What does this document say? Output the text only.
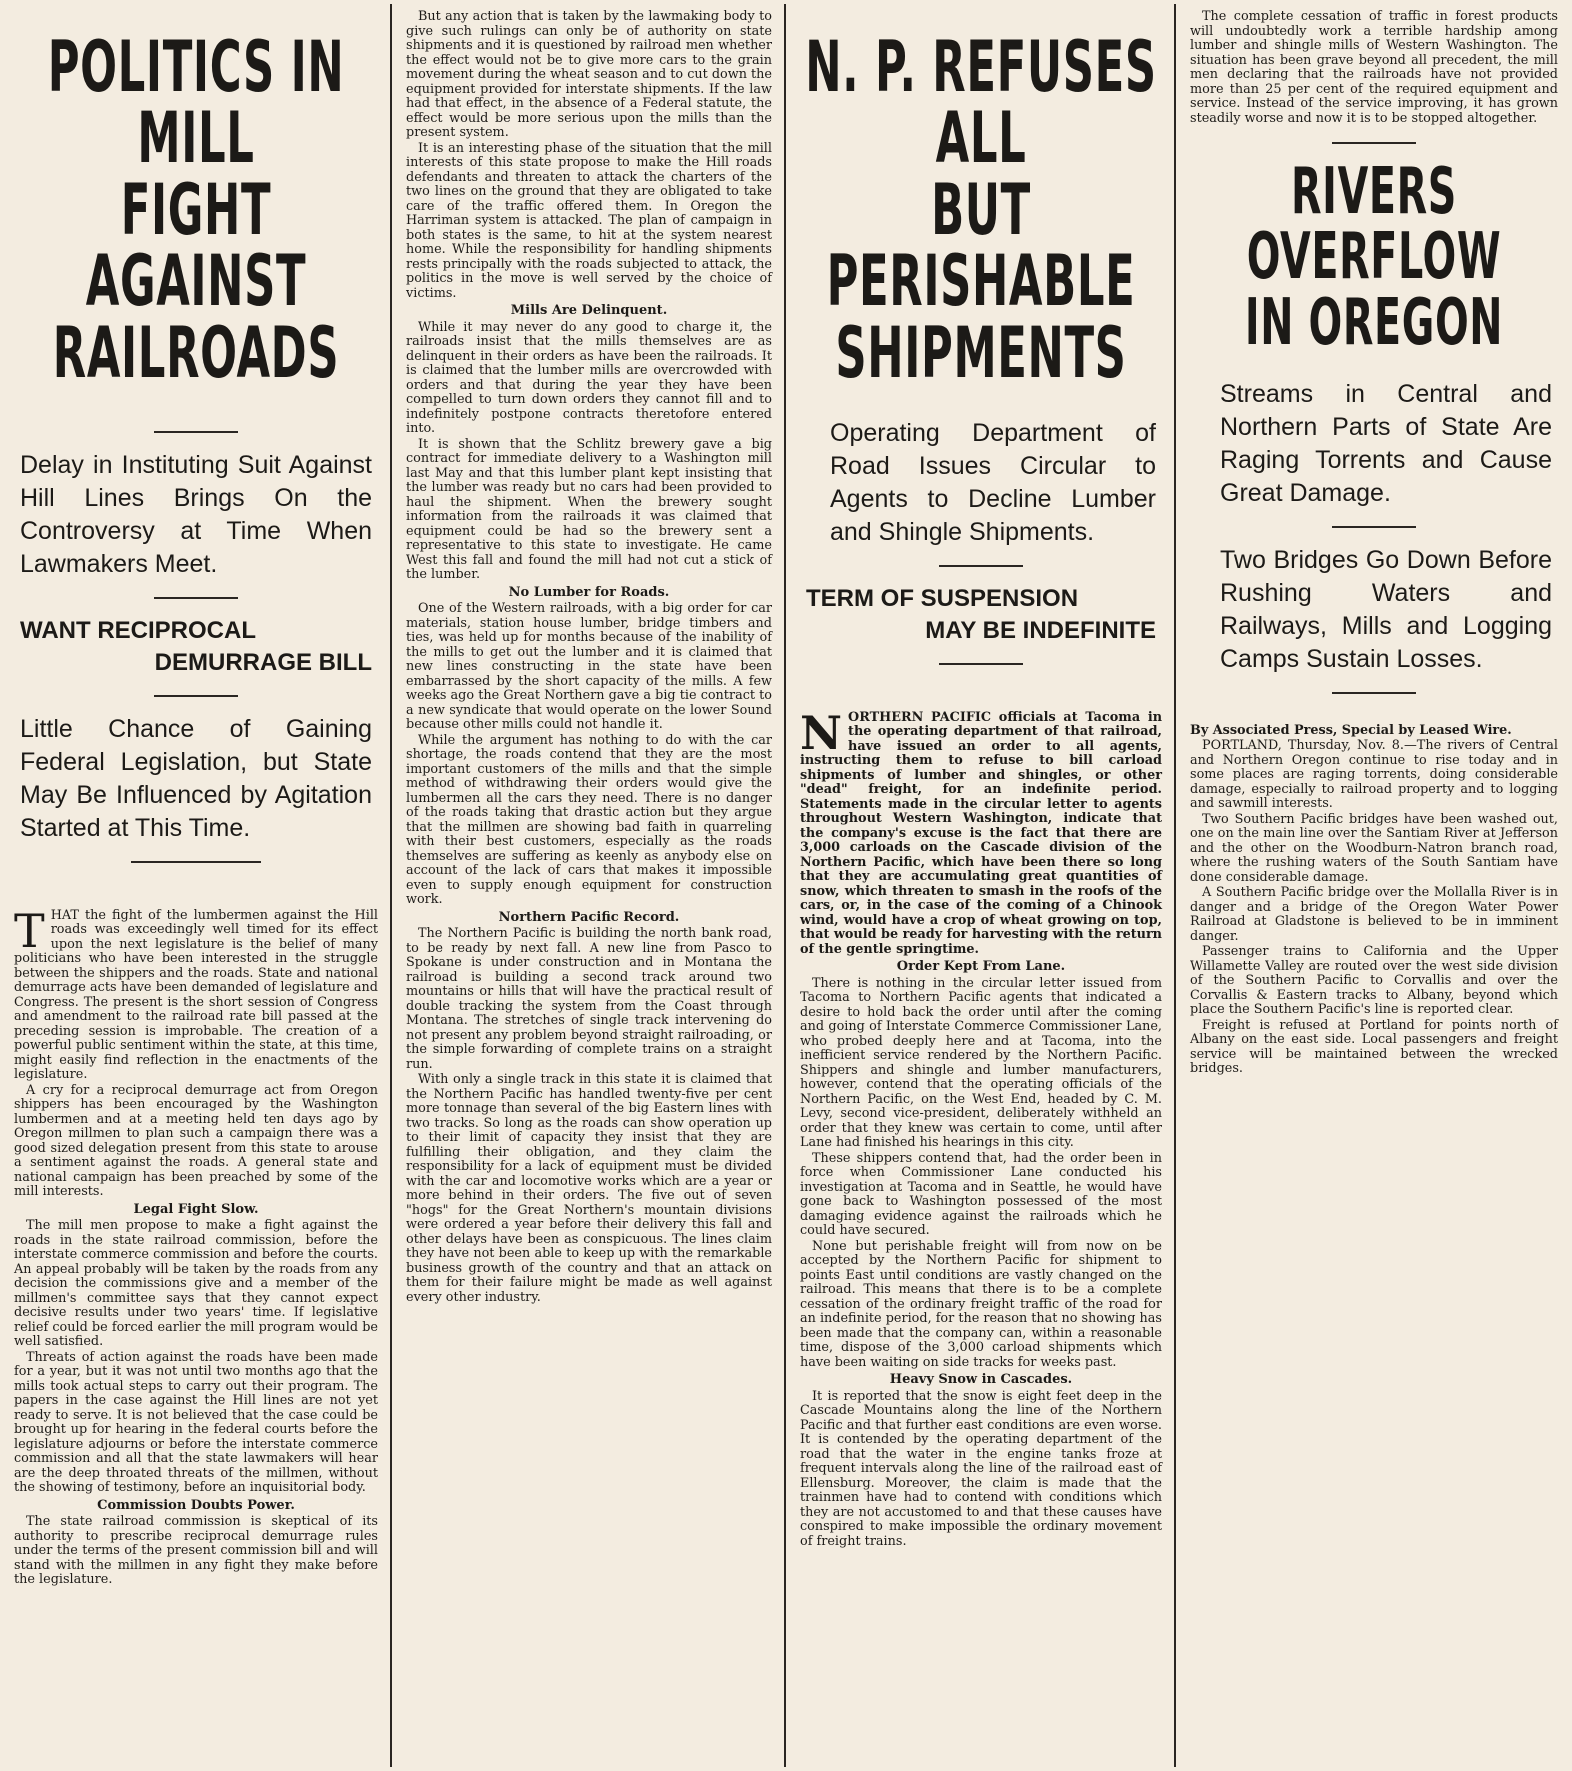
POLITICS IN MILL
FIGHT AGAINST
RAILROADS
Delay in Instituting Suit Against Hill Lines Brings On the Controversy at Time When Lawmakers Meet.
WANT RECIPROCAL
DEMURRAGE BILL
Little Chance of Gaining Federal Legislation, but State May Be Influenced by Agitation Started at This Time.

THAT the fight of the lumbermen against the Hill roads was exceedingly well timed for its effect upon the next legislature is the belief of many politicians who have been interested in the struggle between the shippers and the roads. State and national demurrage acts have been demanded of legislature and Congress. The present is the short session of Congress and amendment to the railroad rate bill passed at the preceding session is improbable. The creation of a powerful public sentiment within the state, at this time, might easily find reflection in the enactments of the legislature.

A cry for a reciprocal demurrage act from Oregon shippers has been encouraged by the Washington lumbermen and at a meeting held ten days ago by Oregon millmen to plan such a campaign there was a good sized delegation present from this state to arouse a sentiment against the roads. A general state and national campaign has been preached by some of the mill interests.

Legal Fight Slow.

The mill men propose to make a fight against the roads in the state railroad commission, before the interstate commerce commission and before the courts. An appeal probably will be taken by the roads from any decision the commissions give and a member of the millmen's committee says that they cannot expect decisive results under two years' time. If legislative relief could be forced earlier the mill program would be well satisfied.

Threats of action against the roads have been made for a year, but it was not until two months ago that the mills took actual steps to carry out their program. The papers in the case against the Hill lines are not yet ready to serve. It is not believed that the case could be brought up for hearing in the federal courts before the legislature adjourns or before the interstate commerce commission and all that the state lawmakers will hear are the deep throated threats of the millmen, without the showing of testimony, before an inquisitorial body.

Commission Doubts Power.

The state railroad commission is skeptical of its authority to prescribe reciprocal demurrage rules under the terms of the present commission bill and will stand with the millmen in any fight they make before the legislature.

But any action that is taken by the lawmaking body to give such rulings can only be of authority on state shipments and it is questioned by railroad men whether the effect would not be to give more cars to the grain movement during the wheat season and to cut down the equipment provided for interstate shipments. If the law had that effect, in the absence of a Federal statute, the effect would be more serious upon the mills than the present system.

It is an interesting phase of the situation that the mill interests of this state propose to make the Hill roads defendants and threaten to attack the charters of the two lines on the ground that they are obligated to take care of the traffic offered them. In Oregon the Harriman system is attacked. The plan of campaign in both states is the same, to hit at the system nearest home. While the responsibility for handling shipments rests principally with the roads subjected to attack, the politics in the move is well served by the choice of victims.

Mills Are Delinquent.

While it may never do any good to charge it, the railroads insist that the mills themselves are as delinquent in their orders as have been the railroads. It is claimed that the lumber mills are overcrowded with orders and that during the year they have been compelled to turn down orders they cannot fill and to indefinitely postpone contracts theretofore entered into.

It is shown that the Schlitz brewery gave a big contract for immediate delivery to a Washington mill last May and that this lumber plant kept insisting that the lumber was ready but no cars had been provided to haul the shipment. When the brewery sought information from the railroads it was claimed that equipment could be had so the brewery sent a representative to this state to investigate. He came West this fall and found the mill had not cut a stick of the lumber.

No Lumber for Roads.

One of the Western railroads, with a big order for car materials, station house lumber, bridge timbers and ties, was held up for months because of the inability of the mills to get out the lumber and it is claimed that new lines constructing in the state have been embarrassed by the short capacity of the mills. A few weeks ago the Great Northern gave a big tie contract to a new syndicate that would operate on the lower Sound because other mills could not handle it.

While the argument has nothing to do with the car shortage, the roads contend that they are the most important customers of the mills and that the simple method of withdrawing their orders would give the lumbermen all the cars they need. There is no danger of the roads taking that drastic action but they argue that the millmen are showing bad faith in quarreling with their best customers, especially as the roads themselves are suffering as keenly as anybody else on account of the lack of cars that makes it impossible even to supply enough equipment for construction work.

Northern Pacific Record.

The Northern Pacific is building the north bank road, to be ready by next fall. A new line from Pasco to Spokane is under construction and in Montana the railroad is building a second track around two mountains or hills that will have the practical result of double tracking the system from the Coast through Montana. The stretches of single track intervening do not present any problem beyond straight railroading, or the simple forwarding of complete trains on a straight run.

With only a single track in this state it is claimed that the Northern Pacific has handled twenty-five per cent more tonnage than several of the big Eastern lines with two tracks. So long as the roads can show operation up to their limit of capacity they insist that they are fulfilling their obligation, and they claim the responsibility for a lack of equipment must be divided with the car and locomotive works which are a year or more behind in their orders. The five out of seven "hogs" for the Great Northern's mountain divisions were ordered a year before their delivery this fall and other delays have been as conspicuous. The lines claim they have not been able to keep up with the remarkable business growth of the country and that an attack on them for their failure might be made as well against every other industry.

N. P. REFUSES ALL
BUT PERISHABLE
SHIPMENTS
Operating Department of Road Issues Circular to Agents to Decline Lumber and Shingle Shipments.
TERM OF SUSPENSION
MAY BE INDEFINITE

NORTHERN PACIFIC officials at Tacoma in the operating department of that railroad, have issued an order to all agents, instructing them to refuse to bill carload shipments of lumber and shingles, or other "dead" freight, for an indefinite period. Statements made in the circular letter to agents throughout Western Washington, indicate that the company's excuse is the fact that there are 3,000 carloads on the Cascade division of the Northern Pacific, which have been there so long that they are accumulating great quantities of snow, which threaten to smash in the roofs of the cars, or, in the case of the coming of a Chinook wind, would have a crop of wheat growing on top, that would be ready for harvesting with the return of the gentle springtime.

Order Kept From Lane.

There is nothing in the circular letter issued from Tacoma to Northern Pacific agents that indicated a desire to hold back the order until after the coming and going of Interstate Commerce Commissioner Lane, who probed deeply here and at Tacoma, into the inefficient service rendered by the Northern Pacific. Shippers and shingle and lumber manufacturers, however, contend that the operating officials of the Northern Pacific, on the West End, headed by C. M. Levy, second vice-president, deliberately withheld an order that they knew was certain to come, until after Lane had finished his hearings in this city.

These shippers contend that, had the order been in force when Commissioner Lane conducted his investigation at Tacoma and in Seattle, he would have gone back to Washington possessed of the most damaging evidence against the railroads which he could have secured.

None but perishable freight will from now on be accepted by the Northern Pacific for shipment to points East until conditions are vastly changed on the railroad. This means that there is to be a complete cessation of the ordinary freight traffic of the road for an indefinite period, for the reason that no showing has been made that the company can, within a reasonable time, dispose of the 3,000 carload shipments which have been waiting on side tracks for weeks past.

Heavy Snow in Cascades.

It is reported that the snow is eight feet deep in the Cascade Mountains along the line of the Northern Pacific and that further east conditions are even worse. It is contended by the operating department of the road that the water in the engine tanks froze at frequent intervals along the line of the railroad east of Ellensburg. Moreover, the claim is made that the trainmen have had to contend with conditions which they are not accustomed to and that these causes have conspired to make impossible the ordinary movement of freight trains.

The complete cessation of traffic in forest products will undoubtedly work a terrible hardship among lumber and shingle mills of Western Washington. The situation has been grave beyond all precedent, the mill men declaring that the railroads have not provided more than 25 per cent of the required equipment and service. Instead of the service improving, it has grown steadily worse and now it is to be stopped altogether.

RIVERS OVERFLOW
IN OREGON
Streams in Central and Northern Parts of State Are Raging Torrents and Cause Great Damage.
Two Bridges Go Down Before Rushing Waters and Railways, Mills and Logging Camps Sustain Losses.

By Associated Press, Special by Leased Wire.

PORTLAND, Thursday, Nov. 8.—The rivers of Central and Northern Oregon continue to rise today and in some places are raging torrents, doing considerable damage, especially to railroad property and to logging and sawmill interests.

Two Southern Pacific bridges have been washed out, one on the main line over the Santiam River at Jefferson and the other on the Woodburn-Natron branch road, where the rushing waters of the South Santiam have done considerable damage.

A Southern Pacific bridge over the Mollalla River is in danger and a bridge of the Oregon Water Power Railroad at Gladstone is believed to be in imminent danger.

Passenger trains to California and the Upper Willamette Valley are routed over the west side division of the Southern Pacific to Corvallis and over the Corvallis & Eastern tracks to Albany, beyond which place the Southern Pacific's line is reported clear.

Freight is refused at Portland for points north of Albany on the east side. Local passengers and freight service will be maintained between the wrecked bridges.
